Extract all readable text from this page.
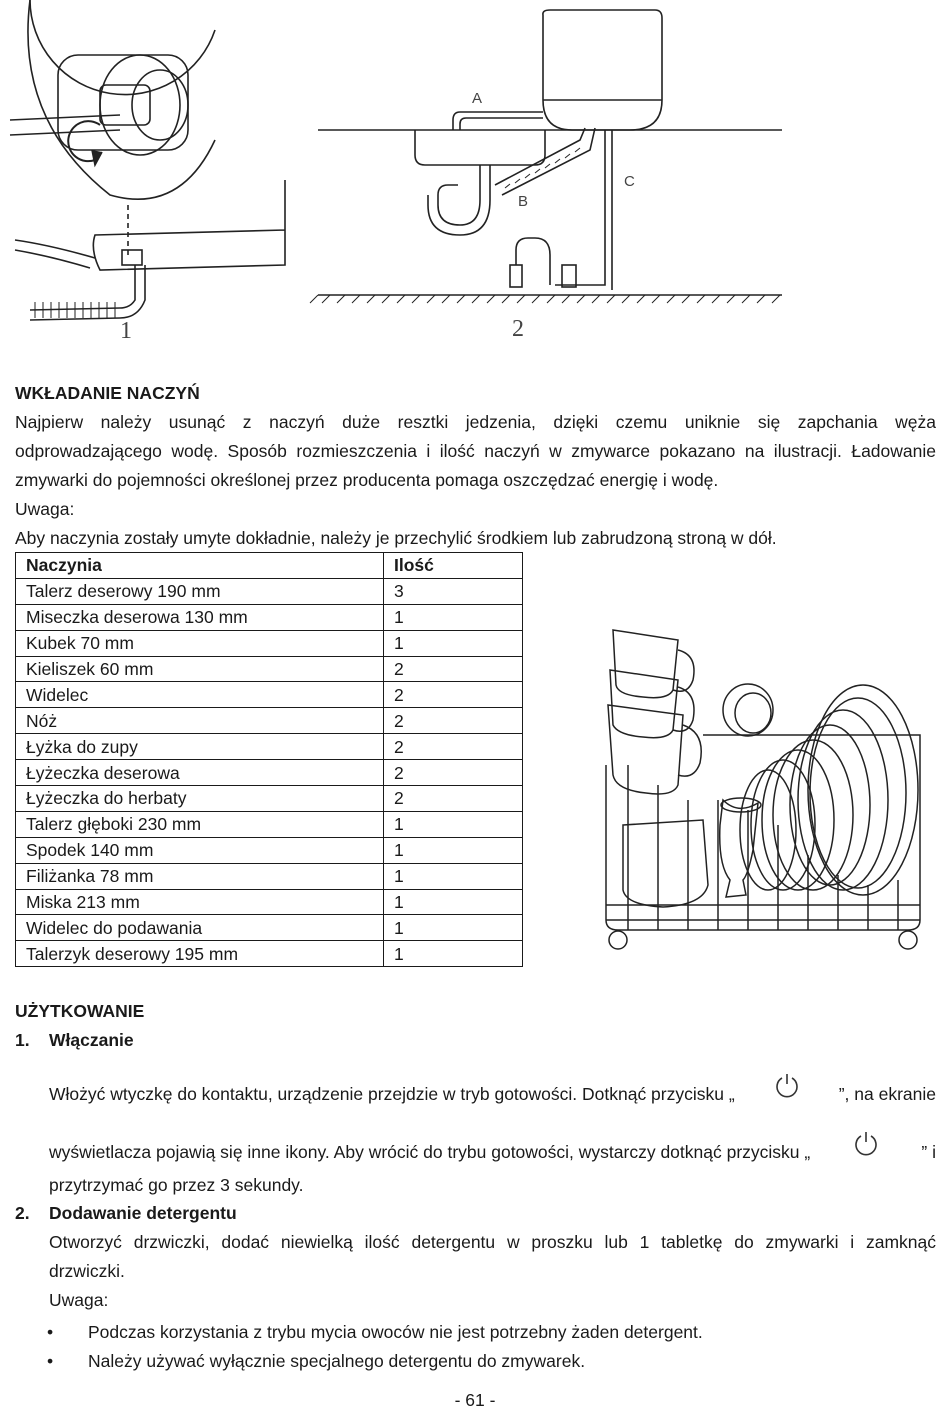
1
A
B
C
2
WKŁADANIE NACZYŃ
Najpierw należy usunąć z naczyń duże resztki jedzenia, dzięki czemu uniknie się zapchania węża
odprowadzającego wodę. Sposób rozmieszczenia i ilość naczyń w zmywarce pokazano na ilustracji. Ładowanie
zmywarki do pojemności określonej przez producenta pomaga oszczędzać energię i wodę.
Uwaga:
Aby naczynia zostały umyte dokładnie, należy je przechylić środkiem lub zabrudzoną stroną w dół.
Naczynia	Ilość
Talerz deserowy 190 mm	3
Miseczka deserowa 130 mm	1
Kubek 70 mm	1
Kieliszek 60 mm	2
Widelec	2
Nóż	2
Łyżka do zupy	2
Łyżeczka deserowa	2
Łyżeczka do herbaty	2
Talerz głęboki 230 mm	1
Spodek 140 mm	1
Filiżanka 78 mm	1
Miska 213 mm	1
Widelec do podawania	1
Talerzyk deserowy 195 mm	1
UŻYTKOWANIE
1. Włączanie
Włożyć wtyczkę do kontaktu, urządzenie przejdzie w tryb gotowości. Dotknąć przycisku „	”, na ekranie
wyświetlacza pojawią się inne ikony. Aby wrócić do trybu gotowości, wystarczy dotknąć przycisku „	” i
przytrzymać go przez 3 sekundy.
2. Dodawanie detergentu
Otworzyć drzwiczki, dodać niewielką ilość detergentu w proszku lub 1 tabletkę do zmywarki i zamknąć
drzwiczki.
Uwaga:
• Podczas korzystania z trybu mycia owoców nie jest potrzebny żaden detergent.
• Należy używać wyłącznie specjalnego detergentu do zmywarek.
- 61 -
